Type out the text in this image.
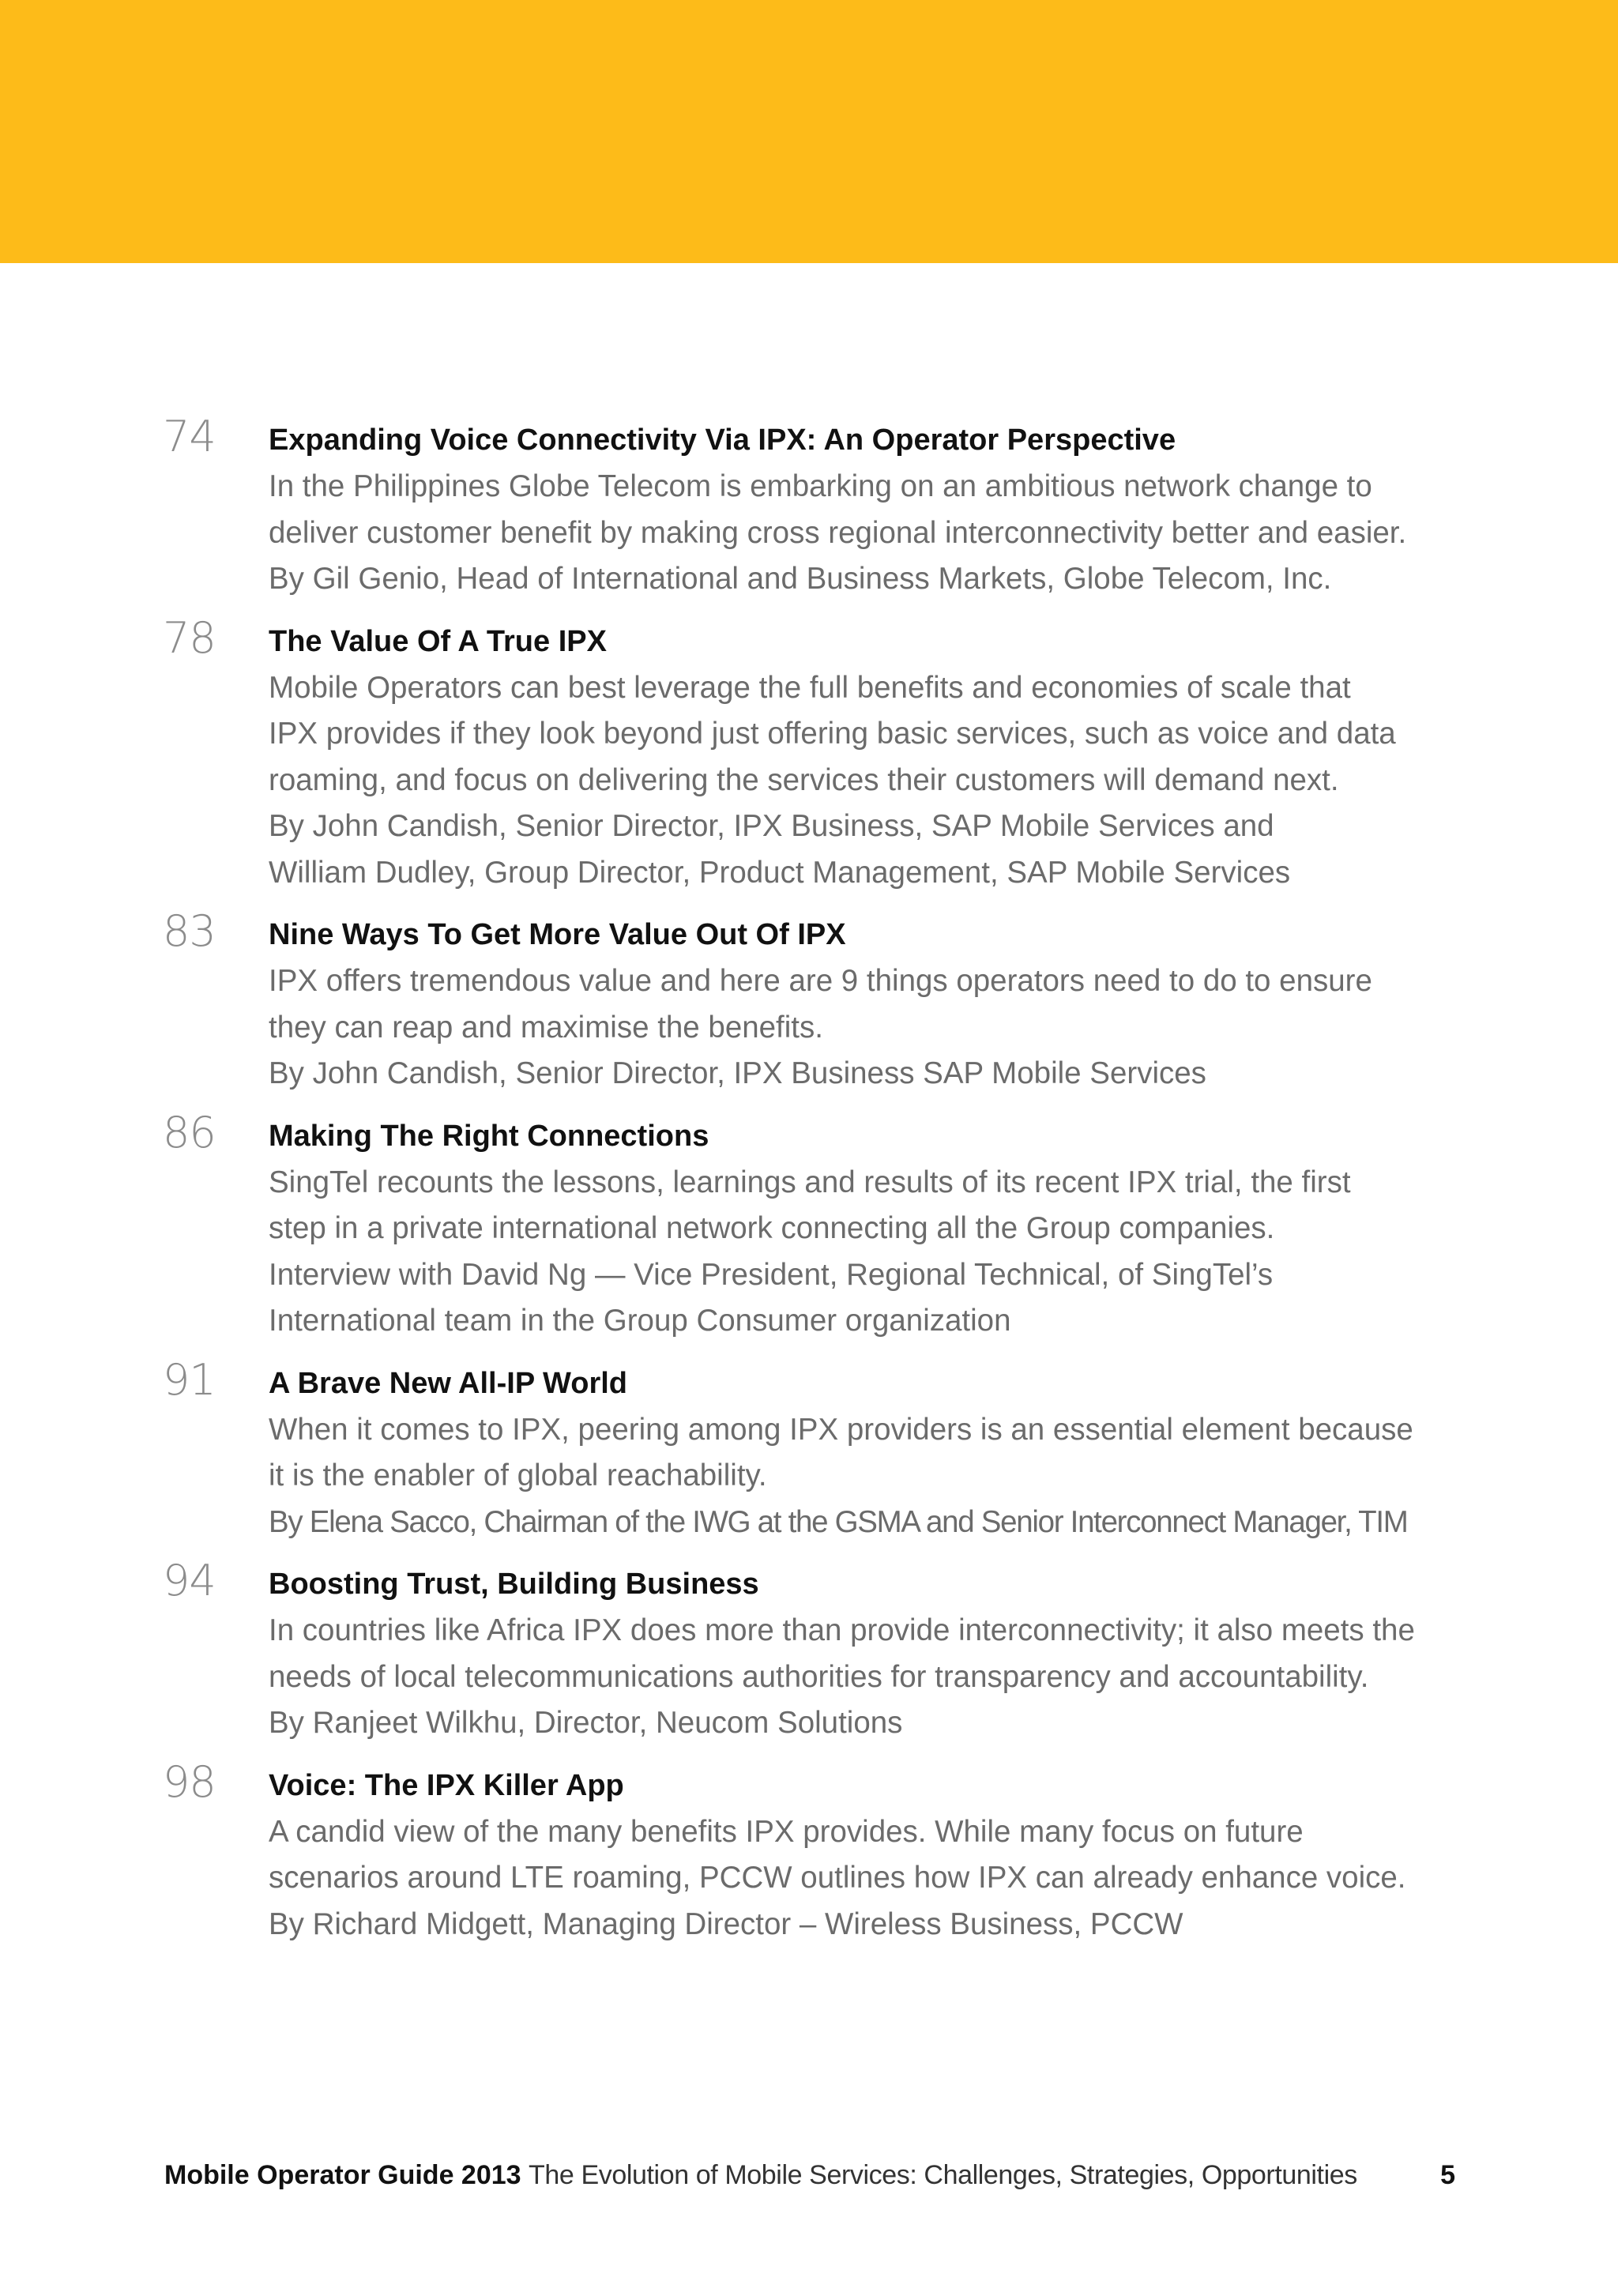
74	Expanding Voice Connectivity Via IPX: An Operator Perspective
In the Philippines Globe Telecom is embarking on an ambitious network change to
deliver customer benefit by making cross regional interconnectivity better and easier.
By Gil Genio, Head of International and Business Markets, Globe Telecom, Inc.
78	The Value Of A True IPX
Mobile Operators can best leverage the full benefits and economies of scale that
IPX provides if they look beyond just offering basic services, such as voice and data
roaming, and focus on delivering the services their customers will demand next.
By John Candish, Senior Director, IPX Business, SAP Mobile Services and
William Dudley, Group Director, Product Management, SAP Mobile Services
83	Nine Ways To Get More Value Out Of IPX
IPX offers tremendous value and here are 9 things operators need to do to ensure
they can reap and maximise the benefits.
By John Candish, Senior Director, IPX Business SAP Mobile Services
86	Making The Right Connections
SingTel recounts the lessons, learnings and results of its recent IPX trial, the first
step in a private international network connecting all the Group companies.
Interview with David Ng — Vice President, Regional Technical, of SingTel’s
International team in the Group Consumer organization
91	A Brave New All-IP World
When it comes to IPX, peering among IPX providers is an essential element because
it is the enabler of global reachability.
By Elena Sacco, Chairman of the IWG at the GSMA and Senior Interconnect Manager, TIM
94	Boosting Trust, Building Business
In countries like Africa IPX does more than provide interconnectivity; it also meets the
needs of local telecommunications authorities for transparency and accountability.
By Ranjeet Wilkhu, Director, Neucom Solutions
98	Voice: The IPX Killer App
A candid view of the many benefits IPX provides. While many focus on future
scenarios around LTE roaming, PCCW outlines how IPX can already enhance voice.
By Richard Midgett, Managing Director – Wireless Business, PCCW
Mobile Operator Guide 2013 The Evolution of Mobile Services: Challenges, Strategies, Opportunities	5
